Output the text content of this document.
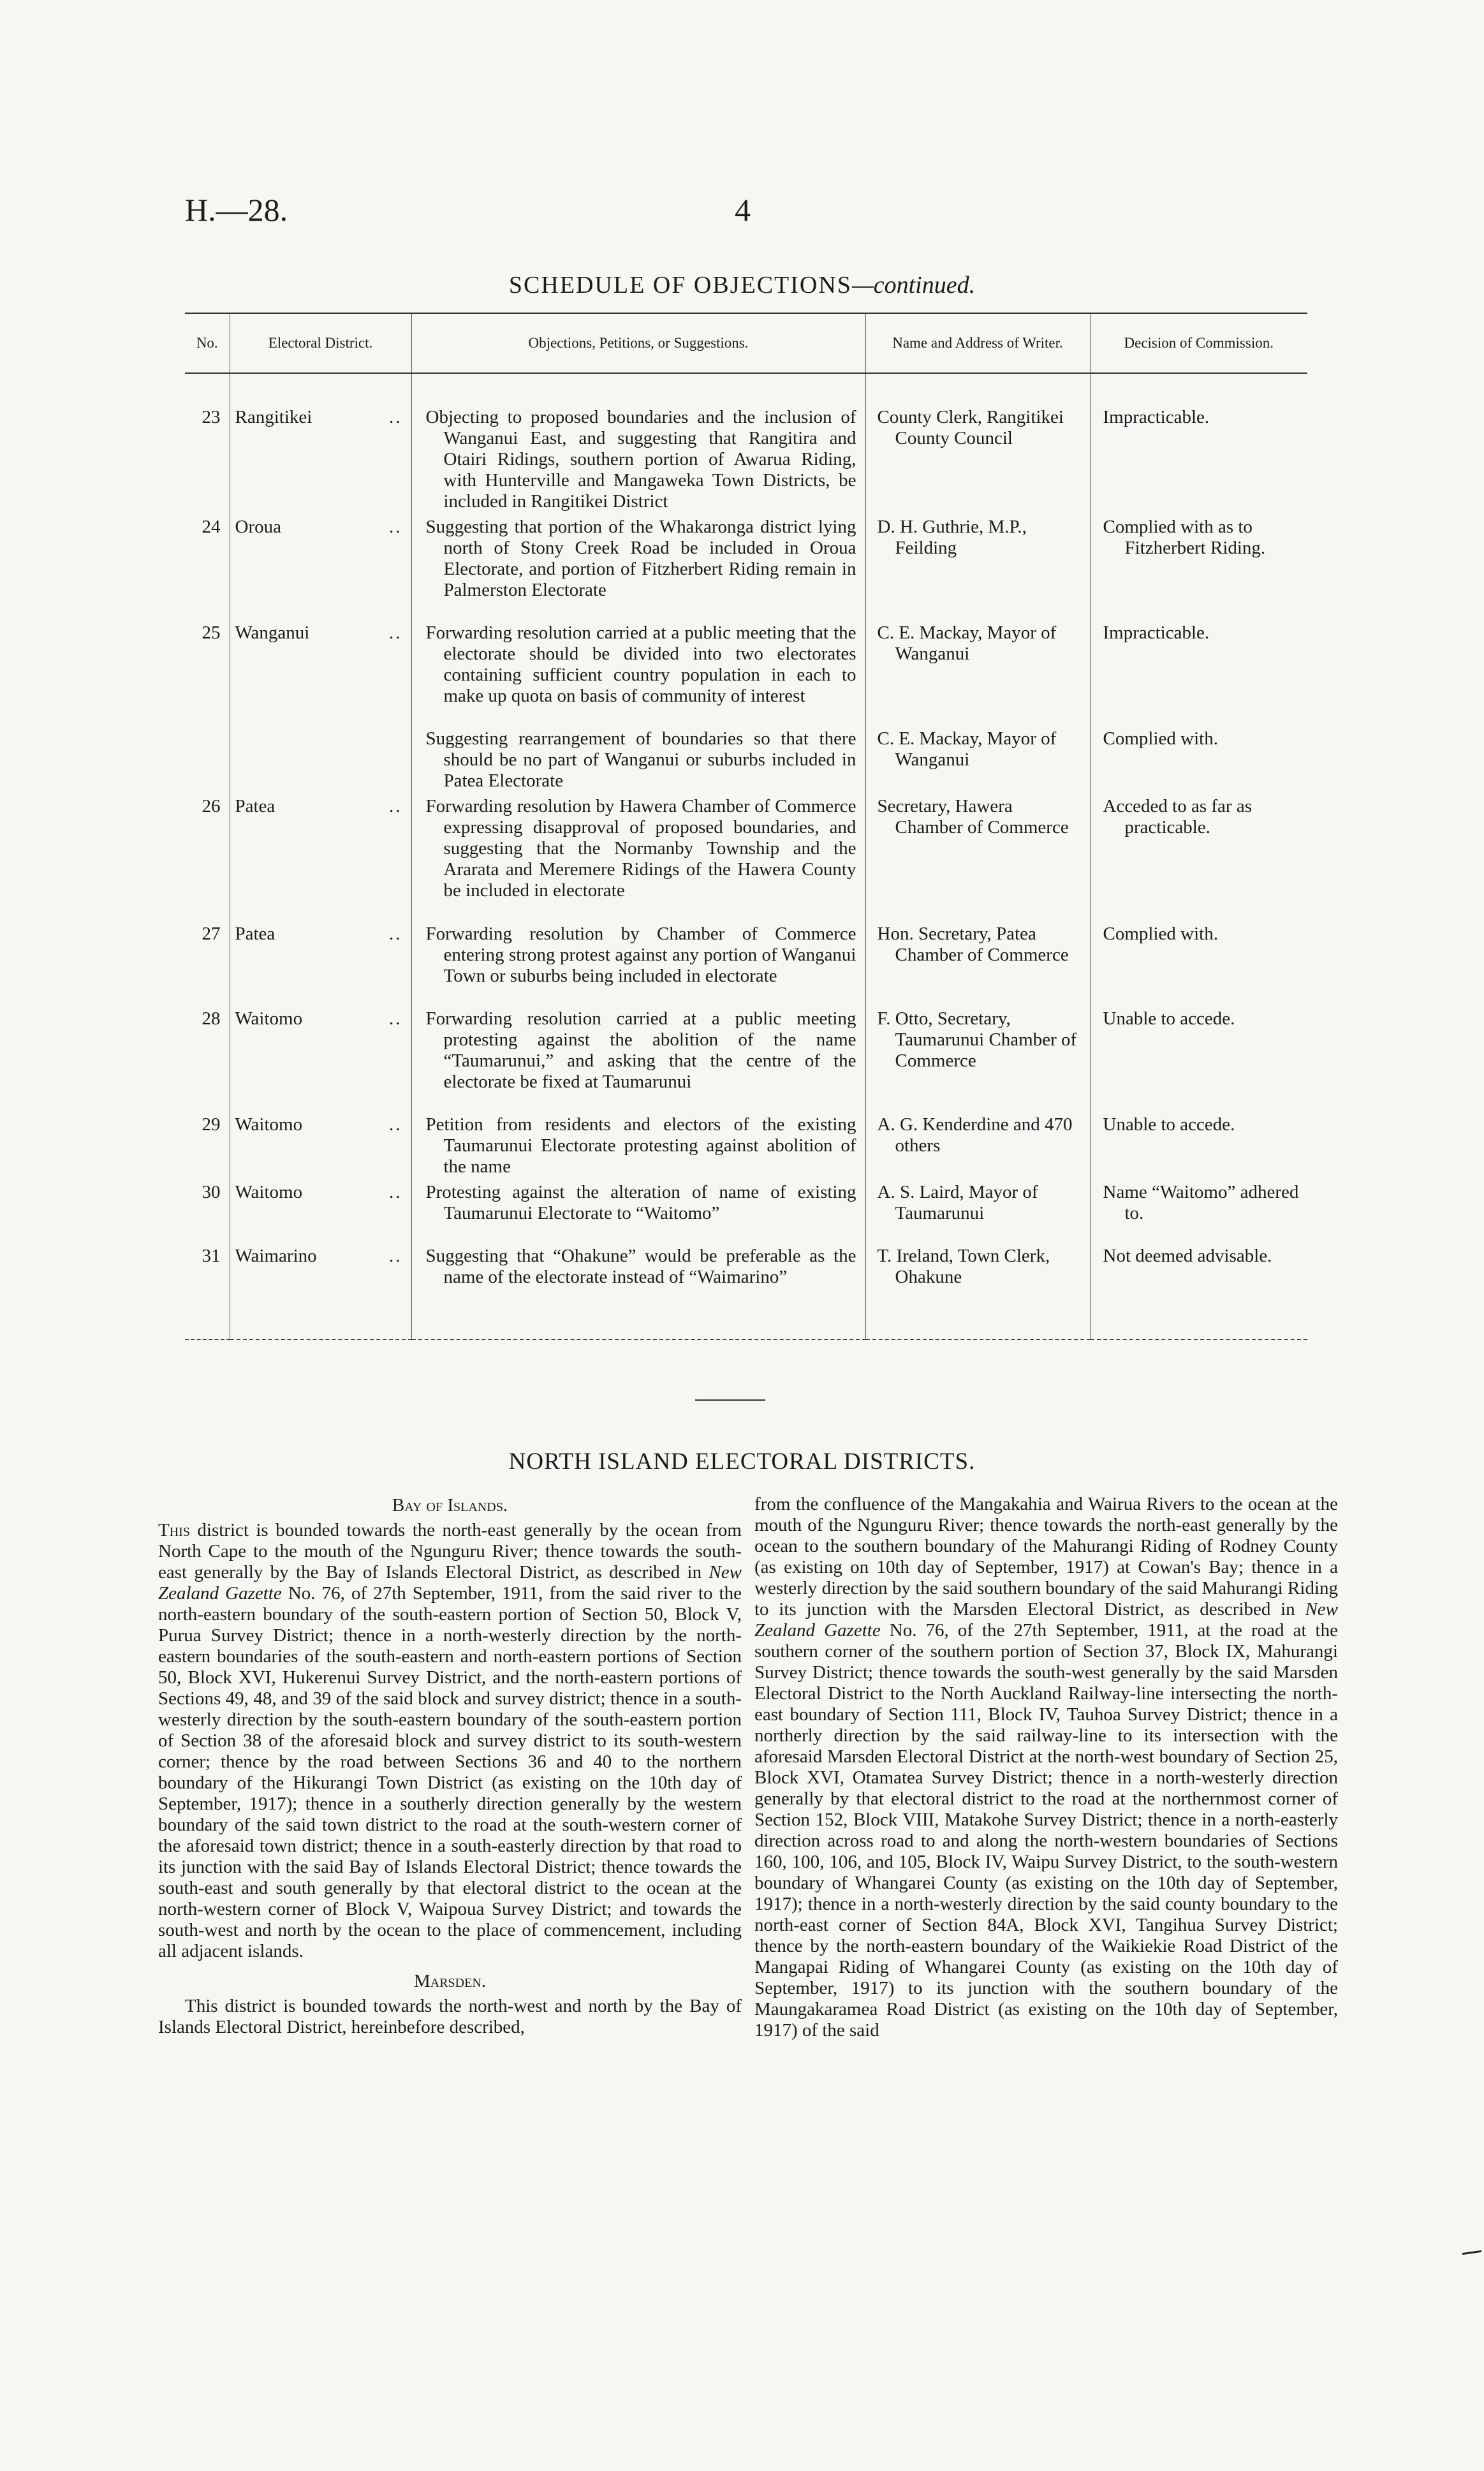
H.—28.	4
SCHEDULE OF OBJECTIONS—continued.
No.	Electoral District.	Objections, Petitions, or Suggestions.	Name and Address of Writer.	Decision of Commission.
23	Rangitikei ..	Objecting to proposed boundaries and the inclusion of Wanganui East, and suggesting that Rangitira and Otairi Ridings, southern portion of Awarua Riding, with Hunterville and Mangaweka Town Districts, be included in Rangitikei District	County Clerk, Rangitikei County Council	Impracticable.

24	Oroua ..	Suggesting that portion of the Whakaronga district lying north of Stony Creek Road be included in Oroua Electorate, and portion of Fitzherbert Riding remain in Palmerston Electorate	D. H. Guthrie, M.P., Feilding	Complied with as to Fitzherbert Riding.

25	Wanganui ..	Forwarding resolution carried at a public meeting that the electorate should be divided into two electorates containing sufficient country population in each to make up quota on basis of community of interest	C. E. Mackay, Mayor of Wanganui	Impracticable.

		Suggesting rearrangement of boundaries so that there should be no part of Wanganui or suburbs included in Patea Electorate	C. E. Mackay, Mayor of Wanganui	Complied with.

26	Patea ..	Forwarding resolution by Hawera Chamber of Commerce expressing disapproval of proposed boundaries, and suggesting that the Normanby Township and the Ararata and Meremere Ridings of the Hawera County be included in electorate	Secretary, Hawera Chamber of Commerce	Acceded to as far as practicable.

27	Patea ..	Forwarding resolution by Chamber of Commerce entering strong protest against any portion of Wanganui Town or suburbs being included in electorate	Hon. Secretary, Patea Chamber of Commerce	Complied with.

28	Waitomo ..	Forwarding resolution carried at a public meeting protesting against the abolition of the name “Taumarunui,” and asking that the centre of the electorate be fixed at Taumarunui	F. Otto, Secretary, Taumarunui Chamber of Commerce	Unable to accede.

29	Waitomo ..	Petition from residents and electors of the existing Taumarunui Electorate protesting against abolition of the name	A. G. Kenderdine and 470 others	Unable to accede.

30	Waitomo ..	Protesting against the alteration of name of existing Taumarunui Electorate to “Waitomo”	A. S. Laird, Mayor of Taumarunui	Name “Waitomo” adhered to.

31	Waimarino ..	Suggesting that “Ohakune” would be preferable as the name of the electorate instead of “Waimarino”	T. Ireland, Town Clerk, Ohakune	Not deemed advisable.
NORTH ISLAND ELECTORAL DISTRICTS.

Bay of Islands.

This district is bounded towards the north-east generally by the ocean from North Cape to the mouth of the Ngunguru River; thence towards the south-east generally by the Bay of Islands Electoral District, as described in New Zealand Gazette No. 76, of 27th September, 1911, from the said river to the north-eastern boundary of the south-eastern portion of Section 50, Block V, Purua Survey District; thence in a north-westerly direction by the north-eastern boundaries of the south-eastern and north-eastern portions of Section 50, Block XVI, Hukerenui Survey District, and the north-eastern portions of Sections 49, 48, and 39 of the said block and survey district; thence in a south-westerly direction by the south-eastern boundary of the south-eastern portion of Section 38 of the aforesaid block and survey district to its south-western corner; thence by the road between Sections 36 and 40 to the northern boundary of the Hikurangi Town District (as existing on the 10th day of September, 1917); thence in a southerly direction generally by the western boundary of the said town district to the road at the south-western corner of the aforesaid town district; thence in a south-easterly direction by that road to its junction with the said Bay of Islands Electoral District; thence towards the south-east and south generally by that electoral district to the ocean at the north-western corner of Block V, Waipoua Survey District; and towards the south-west and north by the ocean to the place of commencement, including all adjacent islands.

Marsden.

This district is bounded towards the north-west and north by the Bay of Islands Electoral District, hereinbefore described,

from the confluence of the Mangakahia and Wairua Rivers to the ocean at the mouth of the Ngunguru River; thence towards the north-east generally by the ocean to the southern boundary of the Mahurangi Riding of Rodney County (as existing on 10th day of September, 1917) at Cowan's Bay; thence in a westerly direction by the said southern boundary of the said Mahurangi Riding to its junction with the Marsden Electoral District, as described in New Zealand Gazette No. 76, of the 27th September, 1911, at the road at the southern corner of the southern portion of Section 37, Block IX, Mahurangi Survey District; thence towards the south-west generally by the said Marsden Electoral District to the North Auckland Railway-line intersecting the north-east boundary of Section 111, Block IV, Tauhoa Survey District; thence in a northerly direction by the said railway-line to its intersection with the aforesaid Marsden Electoral District at the north-west boundary of Section 25, Block XVI, Otamatea Survey District; thence in a north-westerly direction generally by that electoral district to the road at the northernmost corner of Section 152, Block VIII, Matakohe Survey District; thence in a north-easterly direction across road to and along the north-western boundaries of Sections 160, 100, 106, and 105, Block IV, Waipu Survey District, to the south-western boundary of Whangarei County (as existing on the 10th day of September, 1917); thence in a north-westerly direction by the said county boundary to the north-east corner of Section 84A, Block XVI, Tangihua Survey District; thence by the north-eastern boundary of the Waikiekie Road District of the Mangapai Riding of Whangarei County (as existing on the 10th day of September, 1917) to its junction with the southern boundary of the Maungakaramea Road District (as existing on the 10th day of September, 1917) of the said
